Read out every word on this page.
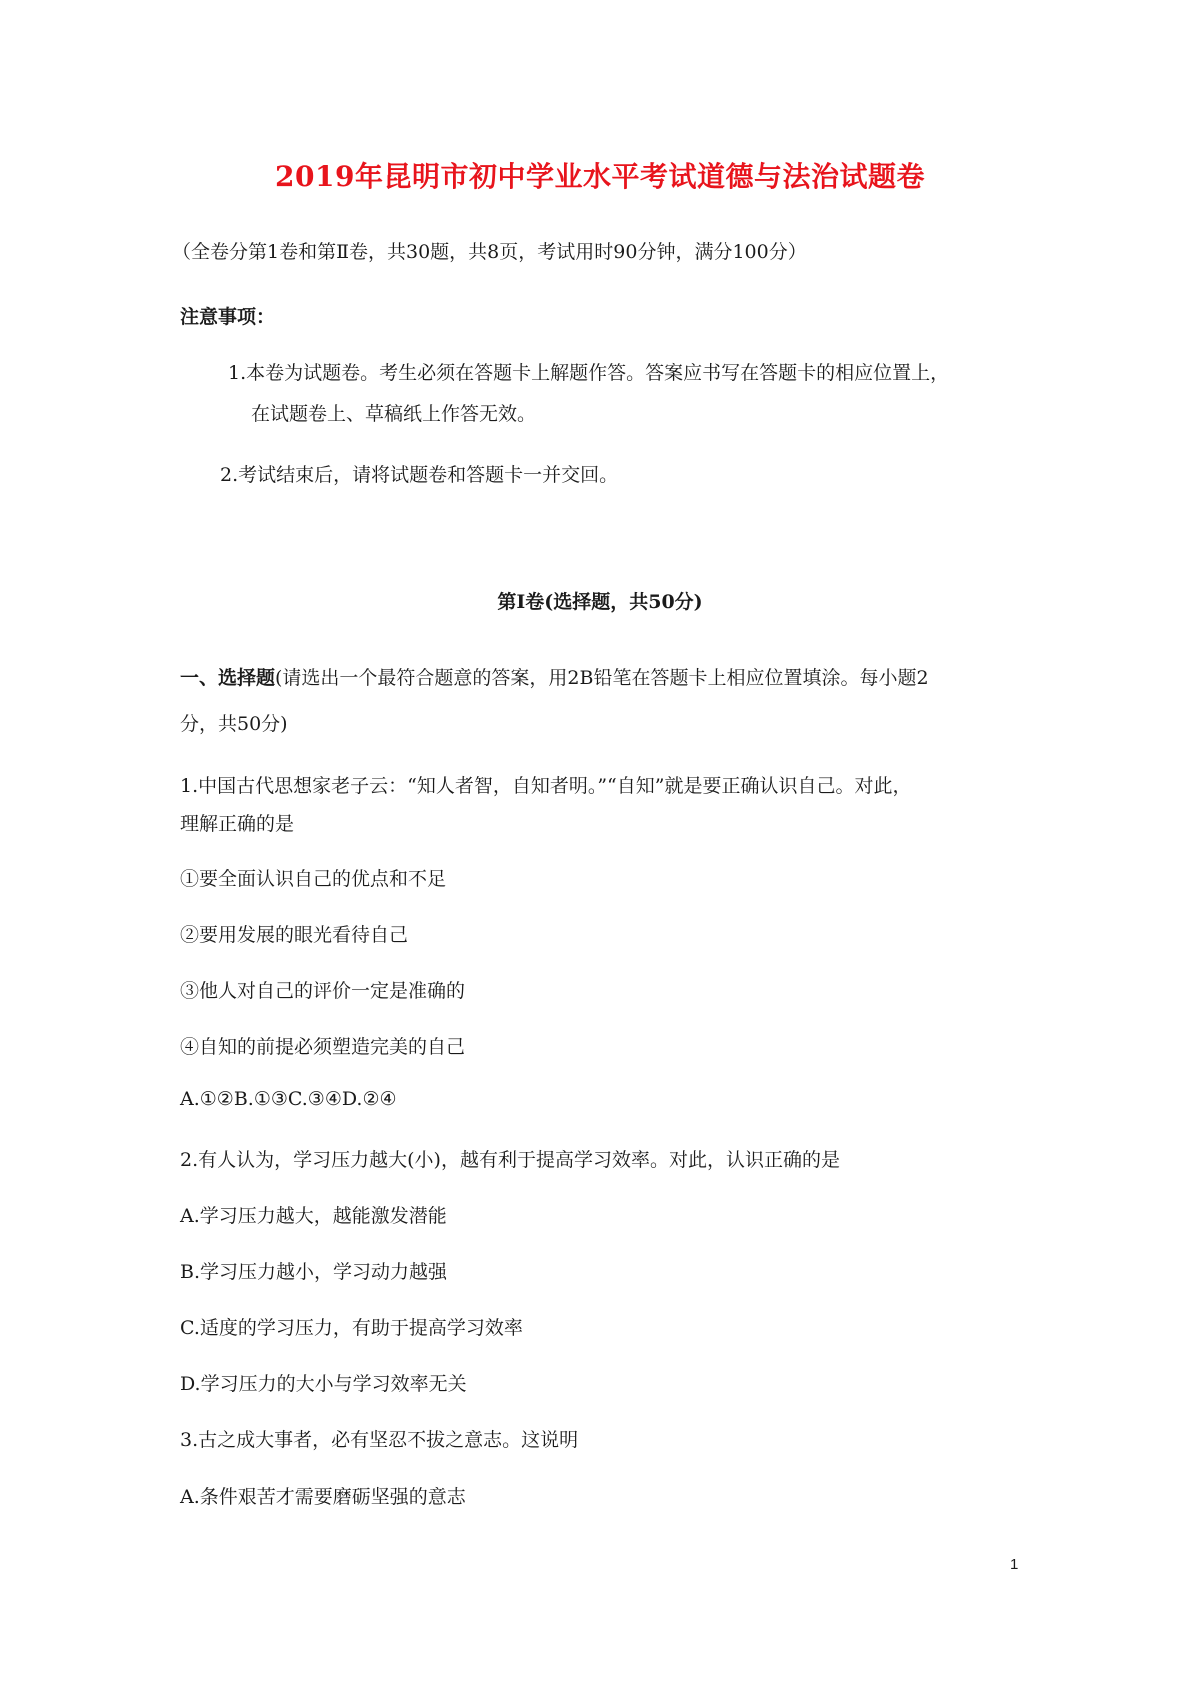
2019年昆明市初中学业水平考试道德与法治试题卷
（全卷分第1卷和第Ⅱ卷，共30题，共8页，考试用时90分钟，满分100分）
注意事项：
1.本卷为试题卷。考生必须在答题卡上解题作答。答案应书写在答题卡的相应位置上，
在试题卷上、草稿纸上作答无效。
2.考试结束后，请将试题卷和答题卡一并交回。
第Ⅰ卷(选择题，共50分)
一、选择题(请选出一个最符合题意的答案，用2B铅笔在答题卡上相应位置填涂。每小题2
分，共50分)
1.中国古代思想家老子云：“知人者智，自知者明。”“自知”就是要正确认识自己。对此，
理解正确的是
①要全面认识自己的优点和不足
②要用发展的眼光看待自己
③他人对自己的评价一定是准确的
④自知的前提必须塑造完美的自己
A.①②B.①③C.③④D.②④
2.有人认为，学习压力越大(小)，越有利于提高学习效率。对此，认识正确的是
A.学习压力越大，越能激发潜能
B.学习压力越小，学习动力越强
C.适度的学习压力，有助于提高学习效率
D.学习压力的大小与学习效率无关
3.古之成大事者，必有坚忍不拔之意志。这说明
A.条件艰苦才需要磨砺坚强的意志
1
